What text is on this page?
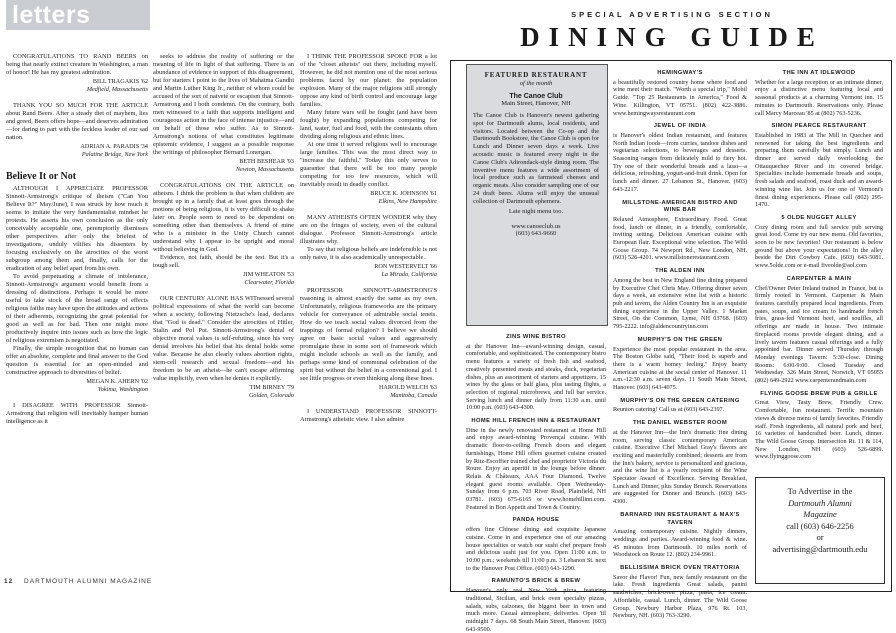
letters

CONGRATULATIONS TO RAND BEERS on being that nearly extinct creature in Washington, a man of honor! He has my greatest admiration.

BILL TRAGAKIS '62
Medfield, Massachusetts

THANK YOU SO MUCH FOR THE ARTICLE about Rand Beers. After a steady diet of mayhem, lies and greed, Beers offers hope—and deserves admiration—for daring to part with the feckless leader of our sad nation.

ADRIAN A. PARADIS '34
Palatine Bridge, New York
Believe It or Not

ALTHOUGH I APPRECIATE PROFESSOR Sinnott-Armstrong's critique of theism ("Can You Believe It?" May/June), I was struck by how much it seems to imitate the very fundamentalist mindset he protests. He asserts his own conclusion as the only conceivably acceptable one, peremptorily dismisses other perspectives after only the briefest of investigations, unduly vilifies his dissenters by focusing exclusively on the atrocities of the worst subgroup among them and, finally, calls for the eradication of any belief apart from his own.

To avoid perpetuating a climate of intolerance, Sinnott-Armstrong's argument would benefit from a dressing of distinctions. Perhaps it would be more useful to take stock of the broad range of effects religious faiths may have upon the attitudes and actions of their adherents, recognizing the great potential for good as well as for bad. Then one might more productively inquire into issues such as how the logic of religious extremism is negotiated.

Finally, the simple recognition that no human can offer an absolute, complete and final answer to the God question is essential for an open-minded and constructive approach to diversities of belief.

MEGAN K. AHERN '02
Yokima, Washington

I DISAGREE WITH PROFESSOR Sinnott-Armstrong that religion will inevitably hamper human intelligence as it

seeks to address the reality of suffering or the meaning of life in light of that suffering. There is an abundance of evidence in support of this disagreement, but for starters I point to the lives of Mahatma Gandhi and Martin Luther King Jr., neither of whom could be accused of the sort of naiveté or escapism that Sinnott-Armstrong and I both condemn. On the contrary, both men witnessed to a faith that supports intelligent and courageous action in the face of intense injustice—and on behalf of those who suffer. As to Sinnott-Armstrong's notions of what constitutes legitimate epistemic evidence, I suggest as a possible response the writings of philosopher Bernard Lonergan.

BETH BESHEAR '93
Newton, Massachusetts

CONGRATULATIONS ON THE ARTICLE on atheism. I think the problem is that when children are brought up in a family that at least goes through the motions of being religious, it is very difficult to shake later on. People seem to need to be dependent on something other than themselves. A friend of mine who is a minister in the Unity Church cannot understand why I appear to be upright and moral without believing in God.

Evidence, not faith, should be the test. But it's a tough sell.

JIM WHEATON '53
Clearwater, Florida

OUR CENTURY ALONE HAS WITnessed several political expressions of what the world can become when a society, following Nietzsche's lead, declares that "God is dead." Consider the atrocities of Hitler, Stalin and Pol Pot. Sinnott-Armstrong's denial of objective moral values is self-refuting, since his very denial involves his belief that his denial holds some value. Because he also clearly values abortion rights, stem-cell research and sexual freedom—and his freedom to be an atheist—he can't escape affirming value implicitly, even when he denies it explicitly.

TIM BIRNEY '79
Golden, Colorado

I THINK THE PROFESSOR SPOKE FOR a lot of the "closet atheists" out there, including myself. However, he did not mention one of the most serious problems faced by our planet: the population explosion. Many of the major religions still strongly oppose any kind of birth control and encourage large families.

Many future wars will be fought (and have been fought) by expanding populations competing for land, water, fuel and food, with the contestants often dividing along religious and ethnic lines.

At one time it served religions well to encourage large families. This was the most direct way to "increase the faithful." Today this only serves to guarantee that there will be too many people competing for too few resources, which will inevitably result in deadly conflict.

BRUCE K. JOHNSON '61
Elkins, New Hampshire

MANY ATHEISTS OFTEN WONDER why they are on the fringes of society, even of the cultural dialogue. Professor Sinnott-Armstrong's article illustrates why.

To say that religious beliefs are indefensible is not only naive, it is also academically unrespectable.

RON WESTERVELT '66
La Mirada, California

PROFESSOR SINNOTT-ARMSTRONG'S reasoning is almost exactly the same as my own. Unfortunately, religious frameworks are the primary vehicle for conveyance of admirable social tenets. How do we teach social values divorced from the trappings of formal religion? I believe we should agree on basic social values and aggressively promulgate these in some sort of framework which might include schools as well as the family, and perhaps some kind of communal celebration of the spirit but without the belief in a conventional god. I see little progress or even thinking along these lines.

HAROLD WELCH '63
Manitoba, Canada

I UNDERSTAND PROFESSOR SINNOTT-Armstrong's atheistic view. I also admire

12 DARTMOUTH ALUMNI MAGAZINE
SPECIAL ADVERTISING SECTION
DINING GUIDE
FEATURED RESTAURANT
of the month
The Canoe Club
Main Street, Hanover, NH
The Canoe Club is Hanover's newest gathering spot for Dartmouth alums, local residents, and visitors. Located between the Co-op and the Dartmouth Bookstore, the Canoe Club is open for Lunch and Dinner seven days a week. Live acoustic music is featured every night in the Canoe Club's Adirondack-style dining room. The inventive menu features a wide assortment of local produce such as farmstead cheeses and organic meats. Also consider sampling one of our 24 draft beers. Alums will enjoy the unusual collection of Dartmouth ephemera.
Late night menu too.
www.canoeclub.us
(603) 643-9660
ZINS WINE BISTRO

at the Hanover Inn—award-winning design, casual, comfortable, and sophisticated. The contemporary bistro menu features a variety of fresh fish and seafood, creatively presented meats and steaks, duck, vegetarian dishes, plus an assortment of starters and appetizers. 15 wines by the glass or half glass, plus tasting flights, a selection of regional microbrews, and full bar service. Serving lunch and dinner daily from 11:30 a.m. until 10:00 p.m. (603) 643-4300.

HOME HILL FRENCH INN & RESTAURANT

Dine in the newly renovated restaurant at Home Hill and enjoy award-winning Provençal cuisine. With dramatic floor-to-ceiling French doors and elegant furnishings, Home Hill offers gourmet cuisine created by Ritz-Escoffier trained chef and proprietor Victoria du Roure. Enjoy an aperitif in the lounge before dinner. Relais & Châteaux, AAA Four Diamond. Twelve elegant guest rooms available. Open Wednesday-Sunday from 6 p.m. 703 River Road, Plainfield, NH 03781. (603) 675-6165 or www.homehillinn.com. Featured in Bon Appetit and Town & Country.

PANDA HOUSE

offers fine Chinese dining and exquisite Japanese cuisine. Come in and experience one of our amazing house specialties or watch our sushi chef prepare fresh and delicious sushi just for you. Open 11:00 a.m. to 10:00 p.m.; weekends till 11:00 p.m. 3 Lebanon St. next to the Hanover Post Office. (603) 643-1290.

RAMUNTO'S BRICK & BREW

Hanover's only real New York pizza, featuring traditional, Sicilian, and brick oven specialty pizzas, salads, subs, calzones, the biggest beer in town and much more. Casual atmosphere, deliveries. Open 'til midnight 7 days. 68 South Main Street, Hanover. (603) 643-9500.

HEMINGWAY'S

a beautifully restored country home where food and wine meet their match. "Worth a special trip," Mobil Guide. "Top 25 Restaurants in America," Food & Wine. Killington, VT 05751. (802) 422-3886. www.hemingwaysrestaurant.com

JEWEL OF INDIA

is Hanover's oldest Indian restaurant, and features North Indian foods—from curries, tandoor dishes and vegetarian selections, to beverages and desserts. Seasoning ranges from delicately mild to fiery hot. Try one of their wonderful breads and a lassi—a delicious, refreshing, yogurt-and-fruit drink. Open for lunch and dinner. 27 Lebanon St., Hanover. (603) 643-2217.

MILLSTONE-AMERICAN BISTRO AND WINE BAR

Relaxed Atmosphere, Extraordinary Food. Great food, lunch or dinner, in a friendly, comfortable, inviting setting. Delicious American cuisine with European flair. Exceptional wine selection. The Wild Goose Group. 74 Newport Rd., New London, NH. (603) 526-4201. www.millstonerestaurant.com

THE ALDEN INN

Among the best in New England fine dining prepared by Executive Chef Chris May. Offering dinner seven days a week, an extensive wine list with a historic pub and tavern, the Alden Country Inn is an exquisite dining experience in the Upper Valley. 1 Market Street, On the Common, Lyme, NH 03768. (603) 795-2222. info@aldencountryinn.com

MURPHY'S ON THE GREEN

Experience the most popular restaurant in the area. The Boston Globe said, "Their food is superb and there is a warm homey feeling." Enjoy hearty American cuisine at the social center of Hanover. 11 a.m.-12:30 a.m. seven days. 11 South Main Street, Hanover. (603) 643-4075.

MURPHY'S ON THE GREEN CATERING

Reunion catering! Call us at (603) 643-2397.

THE DANIEL WEBSTER ROOM

at the Hanover Inn—the Inn's dramatic fine dining room, serving classic contemporary American cuisine. Executive Chef Michael Gray's flavors are exciting and masterfully combined; desserts are from the Inn's bakery, service is personalized and gracious, and the wine list is a yearly recipient of the Wine Spectator Award of Excellence. Serving Breakfast, Lunch and Dinner, plus Sunday Brunch. Reservations are suggested for Dinner and Brunch. (603) 643-4300.

BARNARD INN RESTAURANT & MAX'S TAVERN

Amazing contemporary cuisine. Nightly dinners, weddings and parties. Award-winning food & wine. 45 minutes from Dartmouth. 10 miles north of Woodstock on Route 12. (802) 234-9961.

BELLISSIMA BRICK OVEN TRATTORIA

Savor the Flavor! Fun, new family restaurant on the lake. Fresh ingredients Great salads, panini sandwiches, brick-oven pizza, pasta, ice cream. Affordable, casual. Lunch, dinner. The Wild Goose Group. Newbury Harbor Plaza, 976 Rt. 103, Newbury, NH. (603) 763-3290.

THE INN AT IDLEWOOD

Whether for a large reception or an intimate dinner, enjoy a distinctive menu featuring local and seasonal products at a charming Vermont inn. 15 minutes to Dartmouth. Reservations only. Please call Marcy Marceau '85 at (802) 763-5236.

SIMON PEARCE RESTAURANT

Established in 1983 at The Mill in Quechee and renowned for taking the best ingredients and preparing them carefully but simply. Lunch and dinner are served daily overlooking the Ottauquechee River and its covered bridge. Specialties include homemade breads and soups, fresh salads and seafood, roast duck and an award-winning wine list. Join us for one of Vermont's finest dining experiences. Please call (802) 295-1470.

5 OLDE NUGGET ALLEY

Cozy dining room and full service pub serving great food. Come try our new menu. Old favorites, soon to be new favorites! Our restaurant is below ground but above your expectations! In the alley beside the Dirt Cowboy Cafe. (603) 643-5081. www.5olde.com or e-mail fiveolde@aol.com

CARPENTER & MAIN

Chef/Owner Peter Ireland trained in France, but is firmly rooted in Vermont. Carpenter & Main features carefully prepared local ingredients. From pates, soups, and ice cream to handmade french fries, grass-fed Vermont beef, and souffles, all offerings are made in house. Two intimate fireplaced rooms provide elegant dining, and a lively tavern features casual offerings and a fully appointed bar. Dinner served Thursday through Monday evenings Tavern: 5:30-close. Dining Rooms: 6:00-9:00. Closed Tuesday and Wednesday. 326 Main Street, Norwich, VT 05055 (802) 649-2922 www.carpenterandmain.com

FLYING GOOSE BREW PUB & GRILLE

Great View, Tasty Brew, Friendly Crew. Comfortable, fun restaurant. Terrific mountain views & diverse menu of family favorites. Friendly staff. Fresh ingredients, all natural pork and beef, 16 varieties of handcrafted beer. Lunch, dinner. The Wild Goose Group. Intersection Rt. 11 & 114, New London, NH (603) 526-6899. www.flyinggoose.com

To Advertise in the
Dartmouth Alumni
Magazine
call (603) 646-2256
or
advertising@dartmouth.edu
